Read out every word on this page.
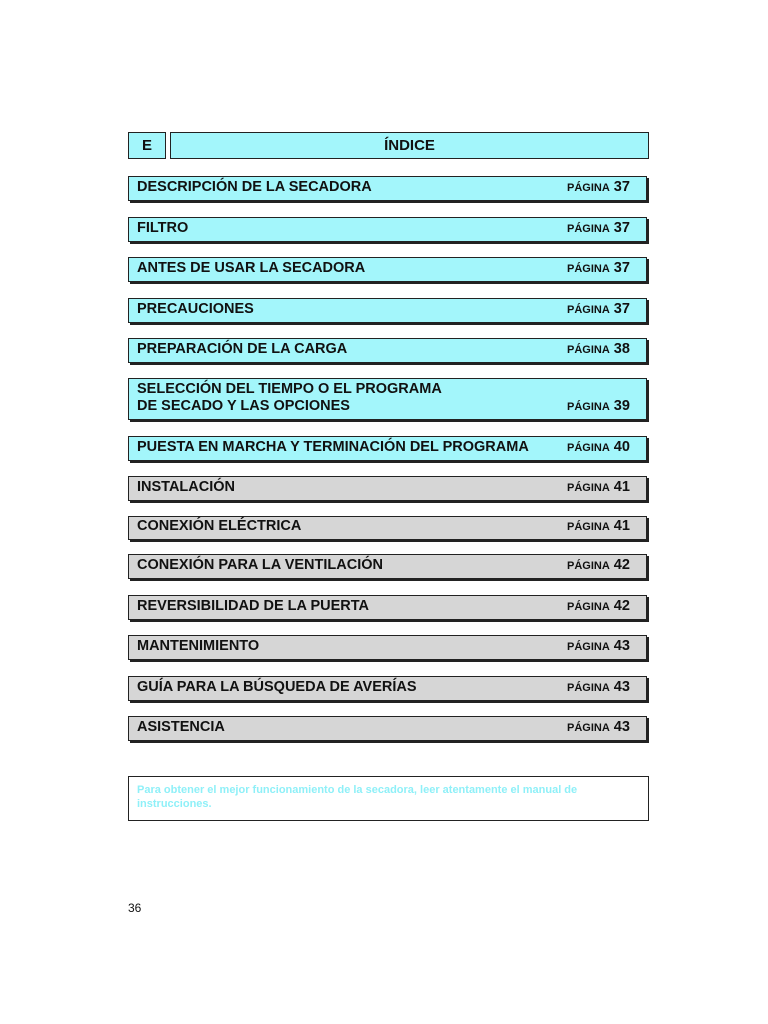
E	ÍNDICE
DESCRIPCIÓN DE LA SECADORA	PÁGINA 37
FILTRO	PÁGINA 37
ANTES DE USAR LA SECADORA	PÁGINA 37
PRECAUCIONES	PÁGINA 37
PREPARACIÓN DE LA CARGA	PÁGINA 38
SELECCIÓN DEL TIEMPO O EL PROGRAMA
DE SECADO Y LAS OPCIONES	PÁGINA 39
PUESTA EN MARCHA Y TERMINACIÓN DEL PROGRAMA	PÁGINA 40
INSTALACIÓN	PÁGINA 41
CONEXIÓN ELÉCTRICA	PÁGINA 41
CONEXIÓN PARA LA VENTILACIÓN	PÁGINA 42
REVERSIBILIDAD DE LA PUERTA	PÁGINA 42
MANTENIMIENTO	PÁGINA 43
GUÍA PARA LA BÚSQUEDA DE AVERÍAS	PÁGINA 43
ASISTENCIA	PÁGINA 43
Para obtener el mejor funcionamiento de la secadora, leer atentamente el manual de instrucciones.
36
